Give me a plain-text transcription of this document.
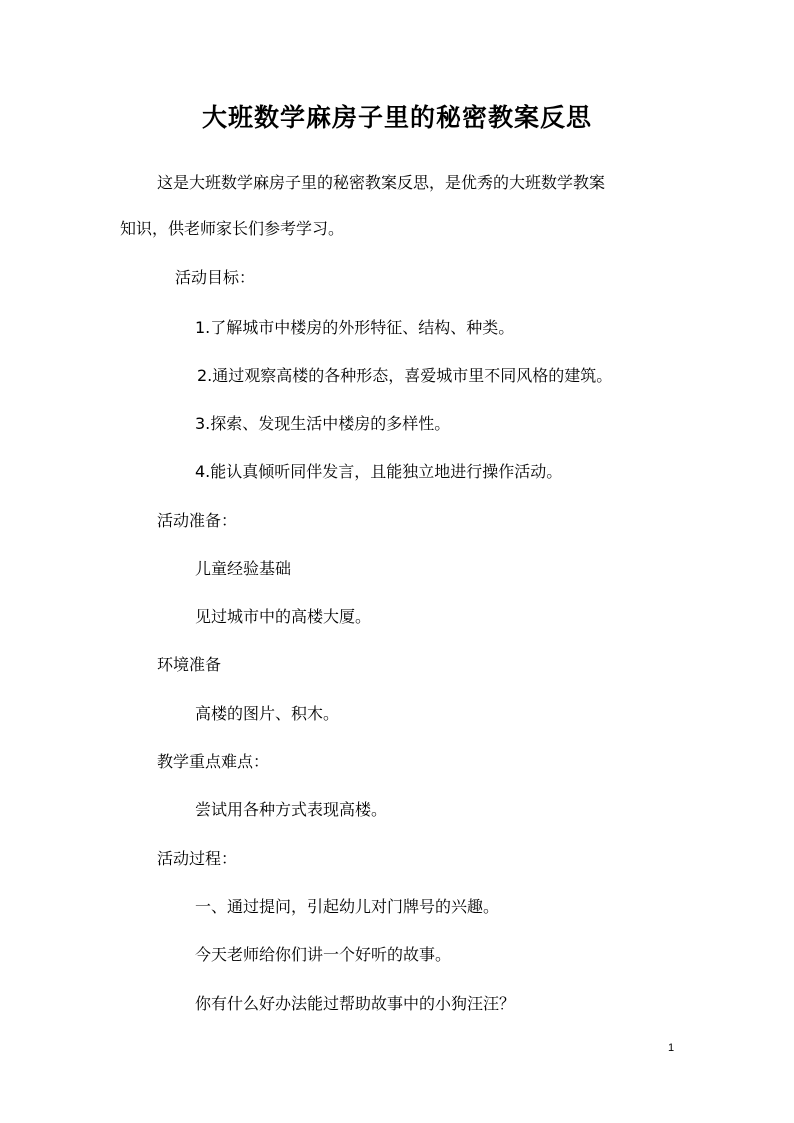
大班数学麻房子里的秘密教案反思
这是大班数学麻房子里的秘密教案反思，是优秀的大班数学教案
知识，供老师家长们参考学习。
活动目标：
1.了解城市中楼房的外形特征、结构、种类。
2.通过观察高楼的各种形态，喜爱城市里不同风格的建筑。
3.探索、发现生活中楼房的多样性。
4.能认真倾听同伴发言，且能独立地进行操作活动。
活动准备：
儿童经验基础
见过城市中的高楼大厦。
环境准备
高楼的图片、积木。
教学重点难点：
尝试用各种方式表现高楼。
活动过程：
一、通过提问，引起幼儿对门牌号的兴趣。
今天老师给你们讲一个好听的故事。
你有什么好办法能过帮助故事中的小狗汪汪？
1
